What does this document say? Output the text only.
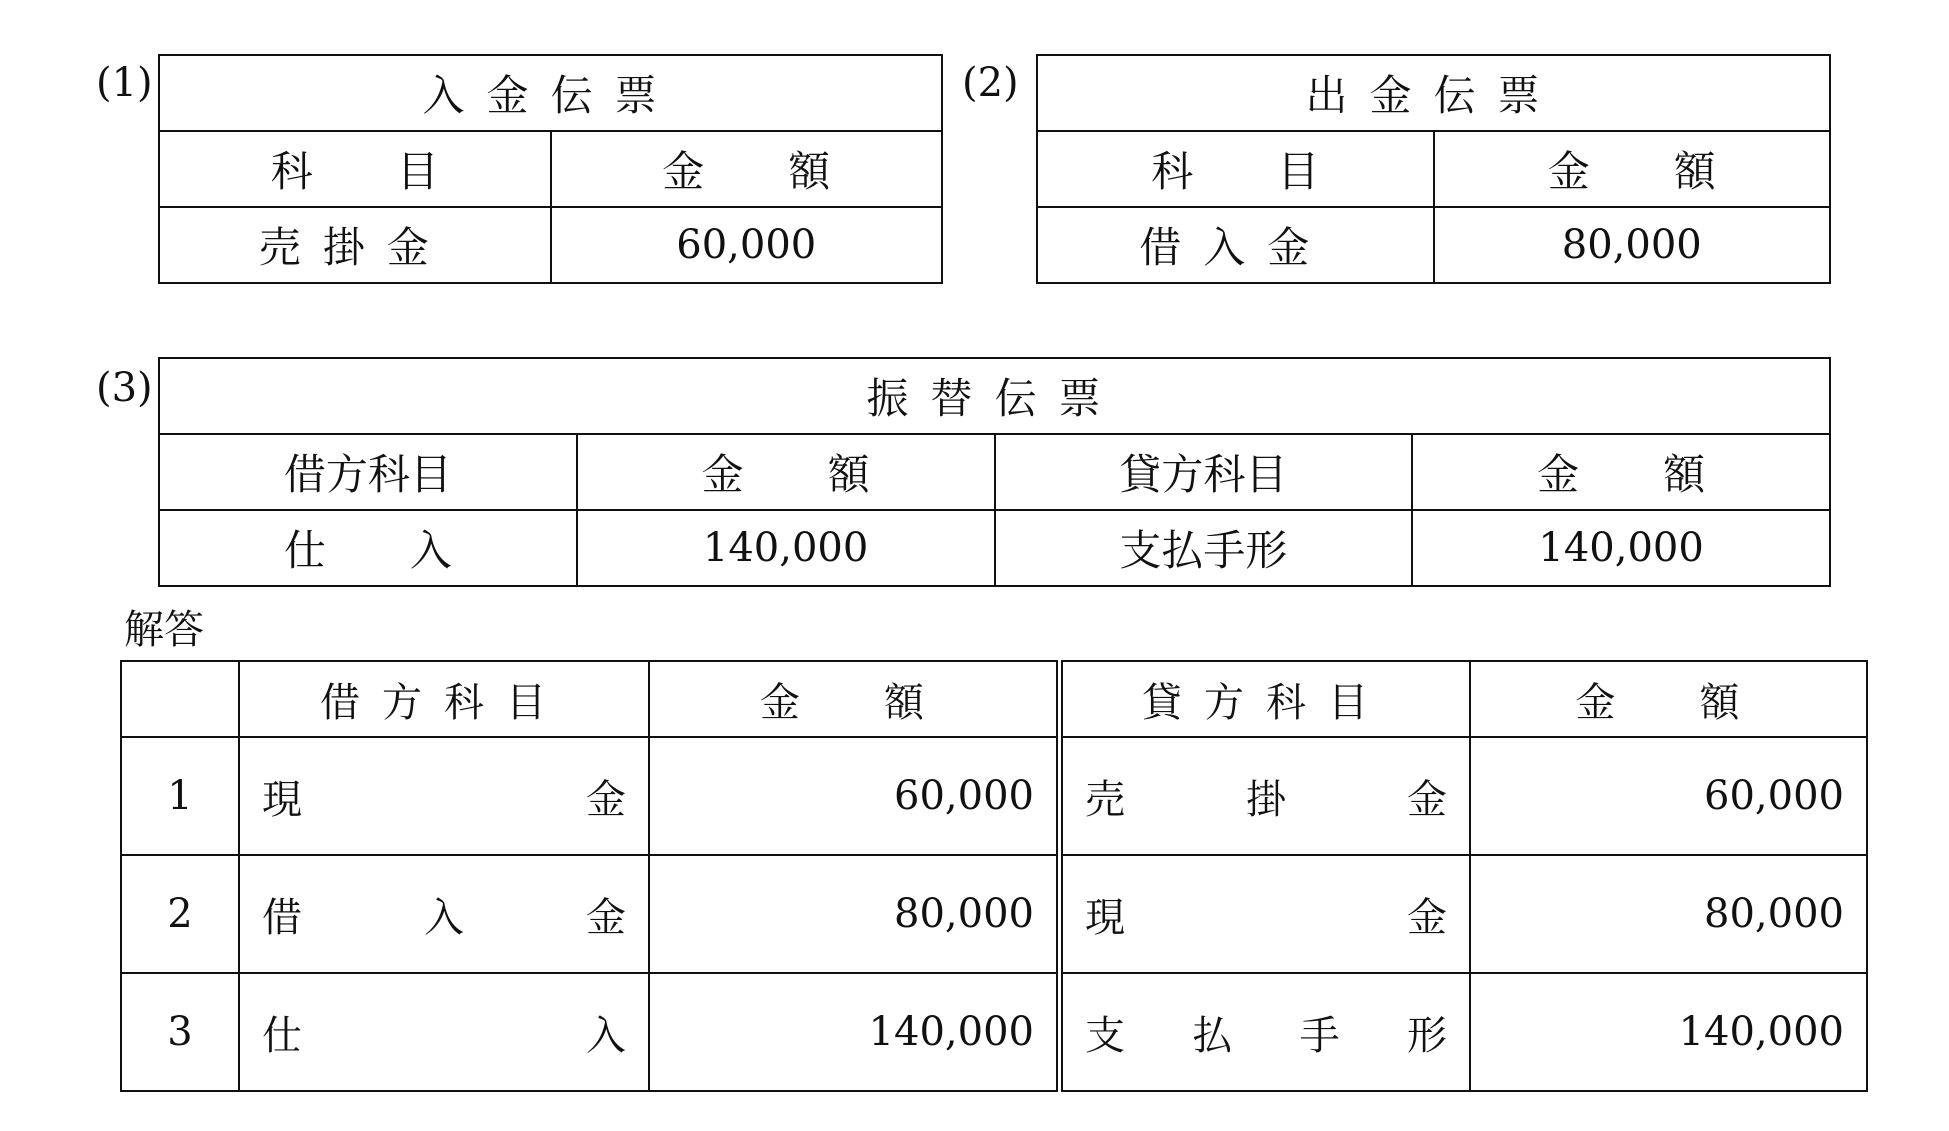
(1)	入金伝票	
科　　目	金　　額
売掛金	60,000
(2)	出金伝票	
科　　目	金　　額
借入金	80,000
(3)	振替伝票			
借方科目	金　　額	貸方科目	金　　額
仕　　入	140,000	支払手形	140,000
解答
	借方科目	金　額	貸方科目	金　額
1	現 金	60,000	売 掛 金	60,000
2	借 入 金	80,000	現 金	80,000
3	仕 入	140,000	支 払 手 形	140,000
